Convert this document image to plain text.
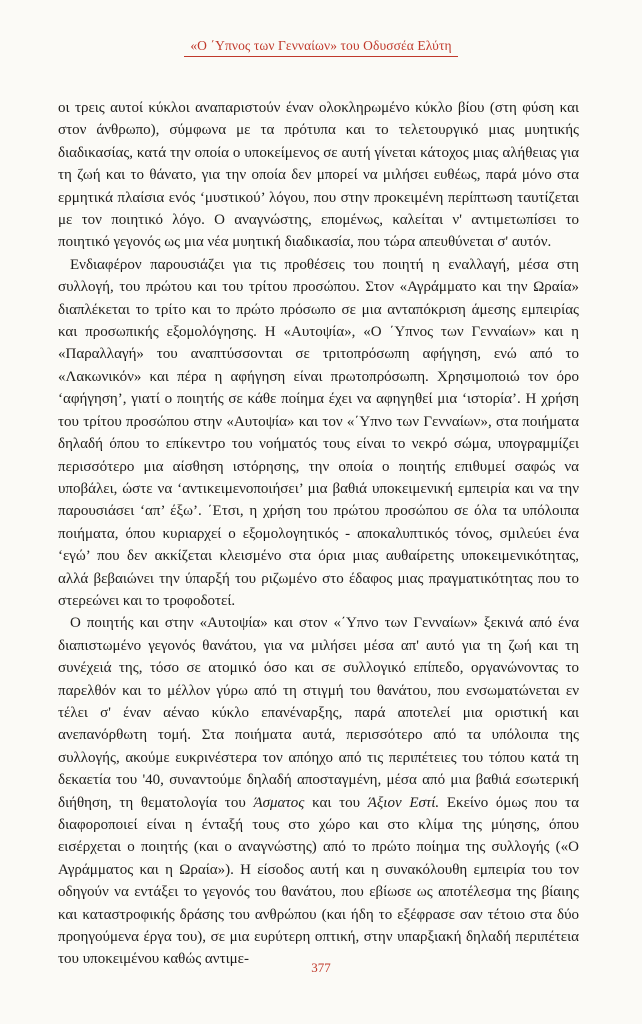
«Ο ΄Υπνος των Γενναίων» του Οδυσσέα Ελύτη

οι τρεις αυτοί κύκλοι αναπαριστούν έναν ολοκληρωμένο κύκλο βίου (στη φύση και στον άνθρωπο), σύμφωνα με τα πρότυπα και το τελετουργικό μιας μυητικής διαδικασίας, κατά την οποία ο υποκείμενος σε αυτή γίνεται κάτοχος μιας αλήθειας για τη ζωή και το θάνατο, για την οποία δεν μπορεί να μιλήσει ευθέως, παρά μόνο στα ερμητικά πλαίσια ενός ‘μυστικού’ λόγου, που στην προκειμένη περίπτωση ταυτίζεται με τον ποιητικό λόγο. Ο αναγνώστης, επομένως, καλείται ν' αντιμετωπίσει το ποιητικό γεγονός ως μια νέα μυητική διαδικασία, που τώρα απευθύνεται σ' αυτόν.

Ενδιαφέρον παρουσιάζει για τις προθέσεις του ποιητή η εναλλαγή, μέσα στη συλλογή, του πρώτου και του τρίτου προσώπου. Στον «Αγράμματο και την Ωραία» διαπλέκεται το τρίτο και το πρώτο πρόσωπο σε μια ανταπόκριση άμεσης εμπειρίας και προσωπικής εξομολόγησης. Η «Αυτοψία», «Ο ΄Υπνος των Γενναίων» και η «Παραλλαγή» του αναπτύσσονται σε τριτοπρόσωπη αφήγηση, ενώ από το «Λακωνικόν» και πέρα η αφήγηση είναι πρωτοπρόσωπη. Χρησιμοποιώ τον όρο ‘αφήγηση’, γιατί ο ποιητής σε κάθε ποίημα έχει να αφηγηθεί μια ‘ιστορία’. Η χρήση του τρίτου προσώπου στην «Αυτοψία» και τον «΄Υπνο των Γενναίων», στα ποιήματα δηλαδή όπου το επίκεντρο του νοήματός τους είναι το νεκρό σώμα, υπογραμμίζει περισσότερο μια αίσθηση ιστόρησης, την οποία ο ποιητής επιθυμεί σαφώς να υποβάλει, ώστε να ‘αντικειμενοποιήσει’ μια βαθιά υποκειμενική εμπειρία και να την παρουσιάσει ‘απ’ έξω’. ΄Ετσι, η χρήση του πρώτου προσώπου σε όλα τα υπόλοιπα ποιήματα, όπου κυριαρχεί ο εξομολογητικός - αποκαλυπτικός τόνος, σμιλεύει ένα ‘εγώ’ που δεν ακκίζεται κλεισμένο στα όρια μιας αυθαίρετης υποκειμενικότητας, αλλά βεβαιώνει την ύπαρξή του ριζωμένο στο έδαφος μιας πραγματικότητας που το στερεώνει και το τροφοδοτεί.

Ο ποιητής και στην «Αυτοψία» και στον «΄Υπνο των Γενναίων» ξεκινά από ένα διαπιστωμένο γεγονός θανάτου, για να μιλήσει μέσα απ' αυτό για τη ζωή και τη συνέχειά της, τόσο σε ατομικό όσο και σε συλλογικό επίπεδο, οργανώνοντας το παρελθόν και το μέλλον γύρω από τη στιγμή του θανάτου, που ενσωματώνεται εν τέλει σ' έναν αέναο κύκλο επανέναρξης, παρά αποτελεί μια οριστική και ανεπανόρθωτη τομή. Στα ποιήματα αυτά, περισσότερο από τα υπόλοιπα της συλλογής, ακούμε ευκρινέστερα τον απόηχο από τις περιπέτειες του τόπου κατά τη δεκαετία του '40, συναντούμε δηλαδή αποσταγμένη, μέσα από μια βαθιά εσωτερική διήθηση, τη θεματολογία του Άσματος και του Άξιον Εστί. Εκείνο όμως που τα διαφοροποιεί είναι η ένταξή τους στο χώρο και στο κλίμα της μύησης, όπου εισέρχεται ο ποιητής (και ο αναγνώστης) από το πρώτο ποίημα της συλλογής («Ο Αγράμματος και η Ωραία»). Η είσοδος αυτή και η συνακόλουθη εμπειρία του τον οδηγούν να εντάξει το γεγονός του θανάτου, που εβίωσε ως αποτέλεσμα της βίαιης και καταστροφικής δράσης του ανθρώπου (και ήδη το εξέφρασε σαν τέτοιο στα δύο προηγούμενα έργα του), σε μια ευρύτερη οπτική, στην υπαρξιακή δηλαδή περιπέτεια του υποκειμένου καθώς αντιμε-

377
